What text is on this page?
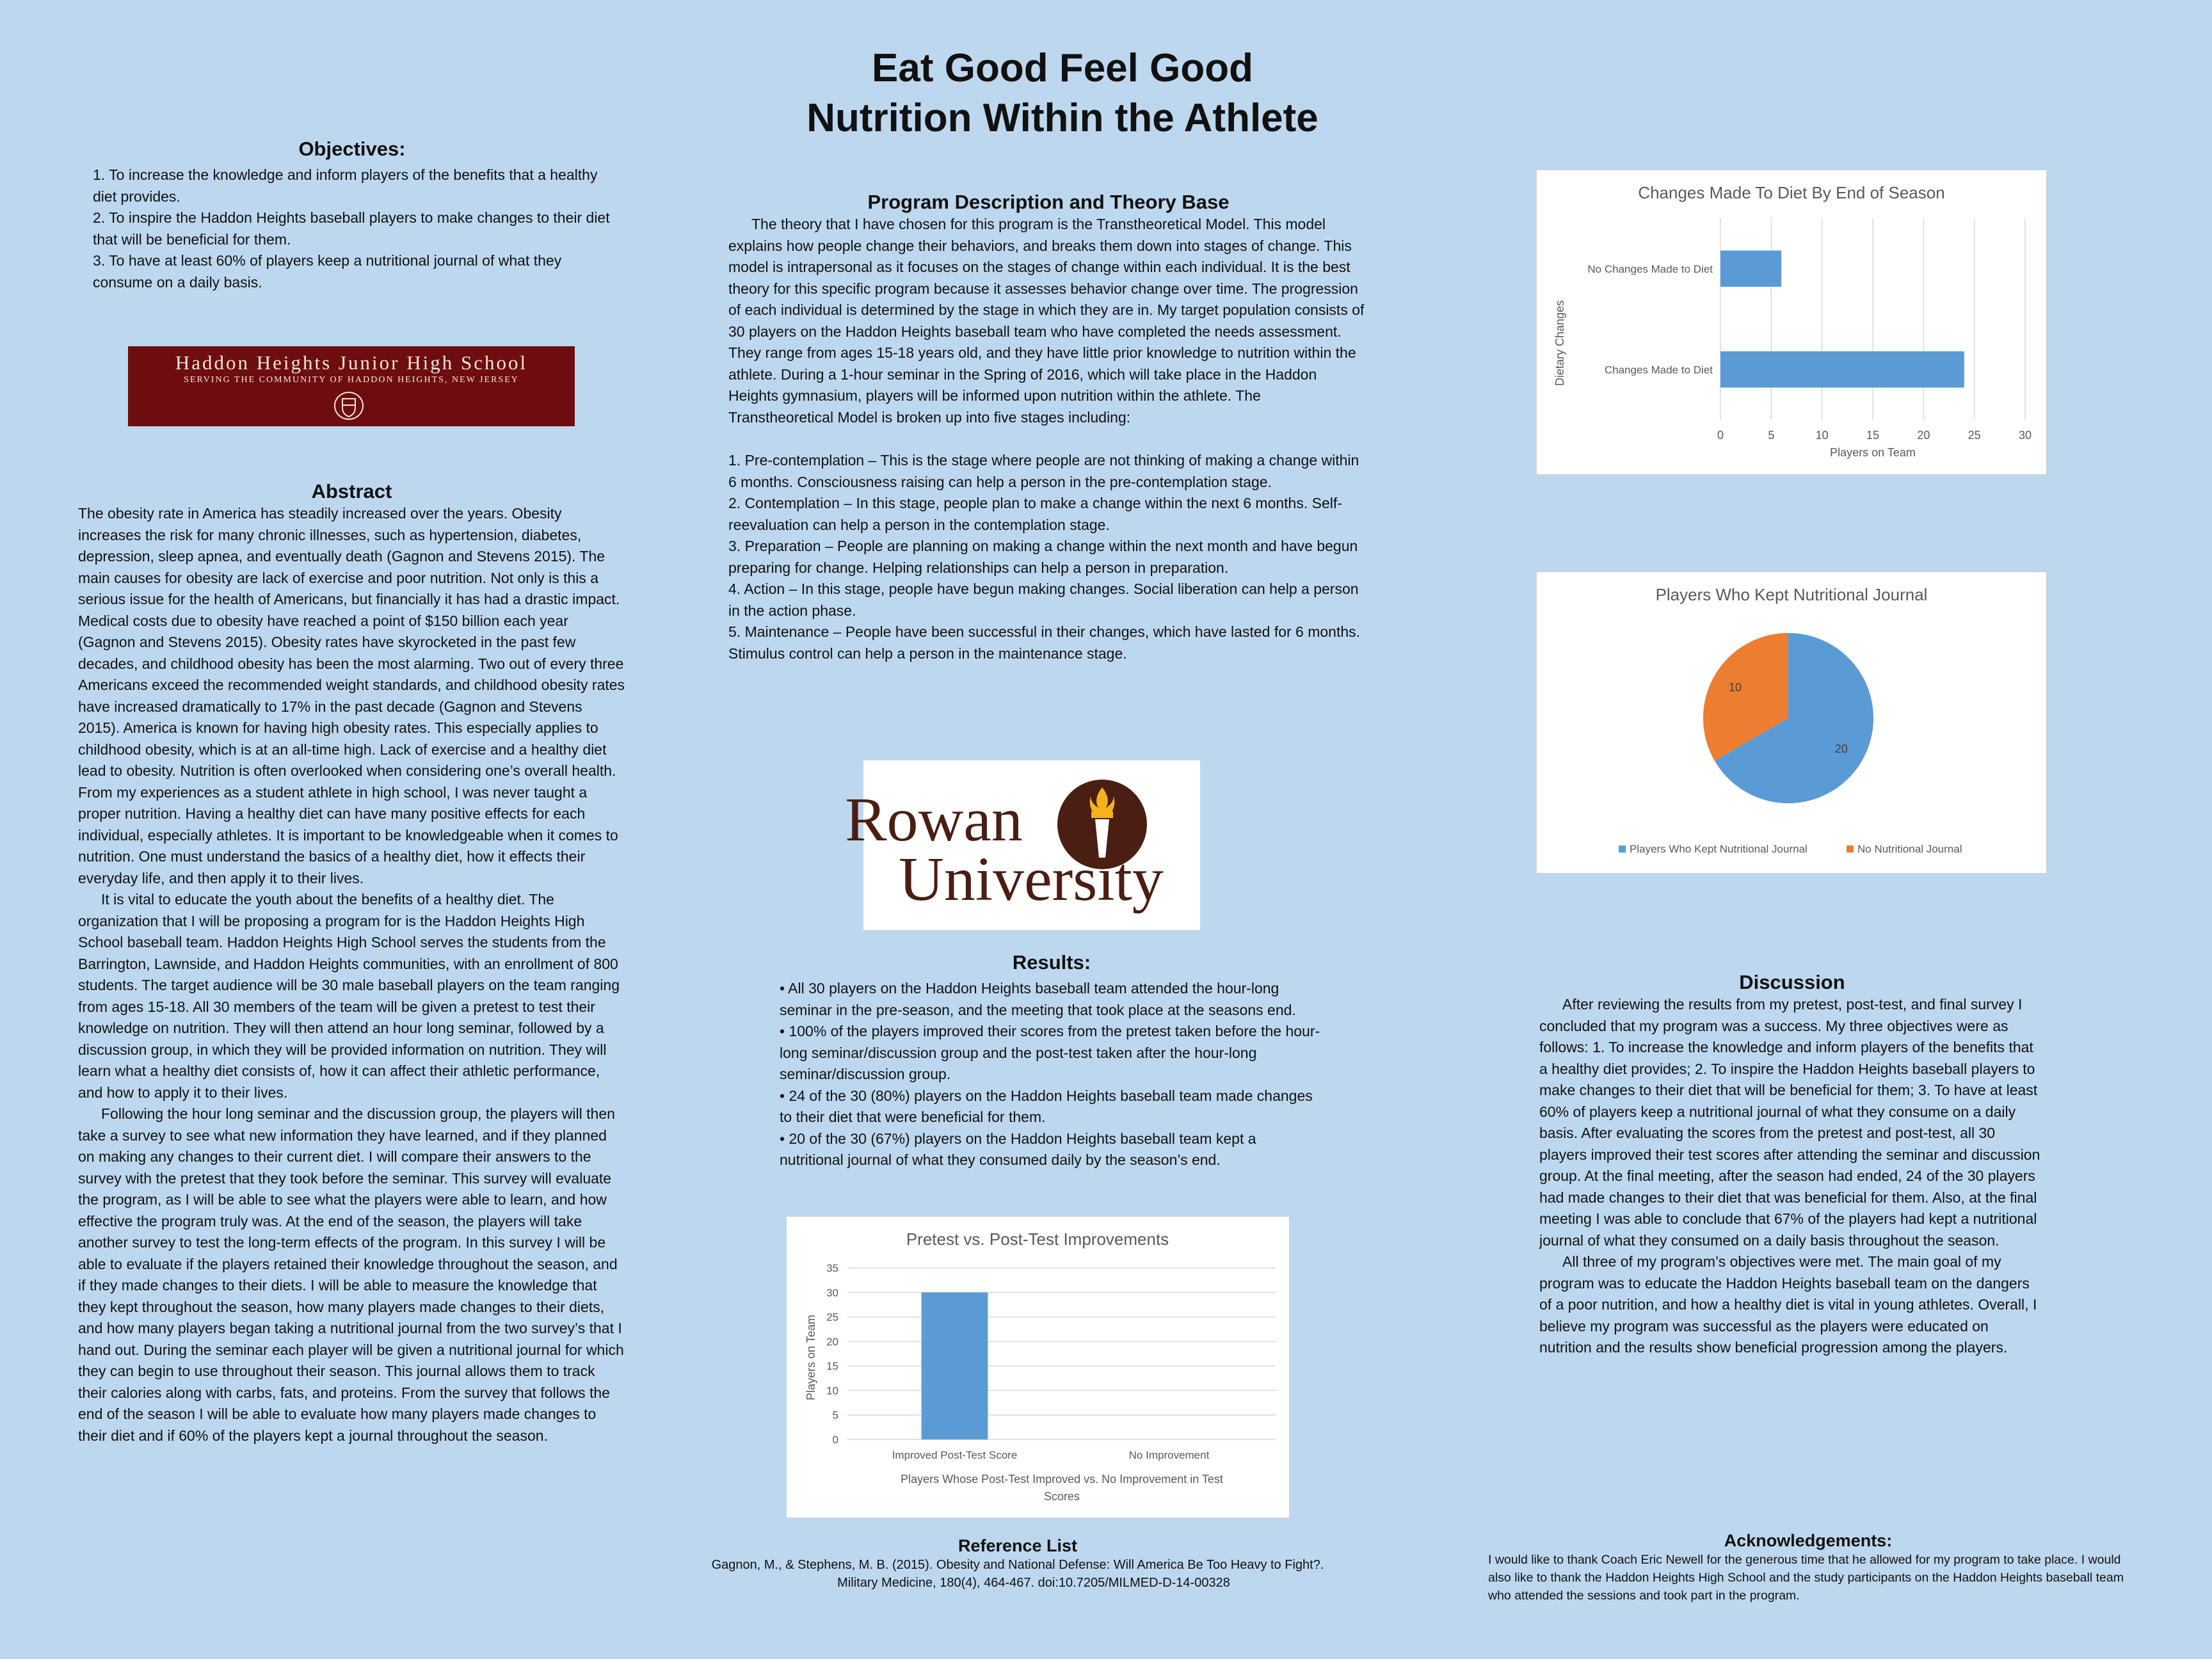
Eat Good Feel Good
Nutrition Within the Athlete
Objectives:
1. To increase the knowledge and inform players of the benefits that a healthy diet provides.
2. To inspire the Haddon Heights baseball players to make changes to their diet that will be beneficial for them.
3. To have at least 60% of players keep a nutritional journal of what they consume on a daily basis.
Haddon Heights Junior High School
SERVING THE COMMUNITY OF HADDON HEIGHTS, NEW JERSEY
Abstract

The obesity rate in America has steadily increased over the years. Obesity increases the risk for many chronic illnesses, such as hypertension, diabetes, depression, sleep apnea, and eventually death (Gagnon and Stevens 2015). The main causes for obesity are lack of exercise and poor nutrition. Not only is this a serious issue for the health of Americans, but financially it has had a drastic impact. Medical costs due to obesity have reached a point of $150 billion each year (Gagnon and Stevens 2015). Obesity rates have skyrocketed in the past few decades, and childhood obesity has been the most alarming. Two out of every three Americans exceed the recommended weight standards, and childhood obesity rates have increased dramatically to 17% in the past decade (Gagnon and Stevens 2015). America is known for having high obesity rates. This especially applies to childhood obesity, which is at an all-time high. Lack of exercise and a healthy diet lead to obesity. Nutrition is often overlooked when considering one’s overall health. From my experiences as a student athlete in high school, I was never taught a proper nutrition. Having a healthy diet can have many positive effects for each individual, especially athletes. It is important to be knowledgeable when it comes to nutrition. One must understand the basics of a healthy diet, how it effects their everyday life, and then apply it to their lives.

It is vital to educate the youth about the benefits of a healthy diet. The organization that I will be proposing a program for is the Haddon Heights High School baseball team. Haddon Heights High School serves the students from the Barrington, Lawnside, and Haddon Heights communities, with an enrollment of 800 students. The target audience will be 30 male baseball players on the team ranging from ages 15-18. All 30 members of the team will be given a pretest to test their knowledge on nutrition. They will then attend an hour long seminar, followed by a discussion group, in which they will be provided information on nutrition. They will learn what a healthy diet consists of, how it can affect their athletic performance, and how to apply it to their lives.

Following the hour long seminar and the discussion group, the players will then take a survey to see what new information they have learned, and if they planned on making any changes to their current diet. I will compare their answers to the survey with the pretest that they took before the seminar. This survey will evaluate the program, as I will be able to see what the players were able to learn, and how effective the program truly was. At the end of the season, the players will take another survey to test the long-term effects of the program. In this survey I will be able to evaluate if the players retained their knowledge throughout the season, and if they made changes to their diets. I will be able to measure the knowledge that they kept throughout the season, how many players made changes to their diets, and how many players began taking a nutritional journal from the two survey’s that I hand out. During the seminar each player will be given a nutritional journal for which they can begin to use throughout their season. This journal allows them to track their calories along with carbs, fats, and proteins. From the survey that follows the end of the season I will be able to evaluate how many players made changes to their diet and if 60% of the players kept a journal throughout the season.

Program Description and Theory Base

The theory that I have chosen for this program is the Transtheoretical Model. This model explains how people change their behaviors, and breaks them down into stages of change. This model is intrapersonal as it focuses on the stages of change within each individual. It is the best theory for this specific program because it assesses behavior change over time. The progression of each individual is determined by the stage in which they are in. My target population consists of 30 players on the Haddon Heights baseball team who have completed the needs assessment. They range from ages 15-18 years old, and they have little prior knowledge to nutrition within the athlete. During a 1-hour seminar in the Spring of 2016, which will take place in the Haddon Heights gymnasium, players will be informed upon nutrition within the athlete. The Transtheoretical Model is broken up into five stages including:

1. Pre-contemplation – This is the stage where people are not thinking of making a change within 6 months. Consciousness raising can help a person in the pre-contemplation stage.

2. Contemplation – In this stage, people plan to make a change within the next 6 months. Self-reevaluation can help a person in the contemplation stage.

3. Preparation – People are planning on making a change within the next month and have begun preparing for change. Helping relationships can help a person in preparation.

4. Action – In this stage, people have begun making changes. Social liberation can help a person in the action phase.

5. Maintenance – People have been successful in their changes, which have lasted for 6 months. Stimulus control can help a person in the maintenance stage.

Rowan
University
Results:
• All 30 players on the Haddon Heights baseball team attended the hour-long seminar in the pre-season, and the meeting that took place at the seasons end.
• 100% of the players improved their scores from the pretest taken before the hour-long seminar/discussion group and the post-test taken after the hour-long seminar/discussion group.
• 24 of the 30 (80%) players on the Haddon Heights baseball team made changes to their diet that were beneficial for them.
• 20 of the 30 (67%) players on the Haddon Heights baseball team kept a nutritional journal of what they consumed daily by the season’s end.
Changes Made To Diet By End of Season
Changes Made to Diet
No Changes Made to Diet
0	5	10	15	20	25	30
Players on Team
Dietary Changes
Players Who Kept Nutritional Journal
20
10
Players Who Kept Nutritional Journal	No Nutritional Journal
Pretest vs. Post-Test Improvements
Improved Post-Test Score	No Improvement
0
5
10
15
20
25
30
35
Players Whose Post-Test Improved vs. No Improvement in Test
Scores
Players on Team
Discussion

After reviewing the results from my pretest, post-test, and final survey I concluded that my program was a success. My three objectives were as follows: 1. To increase the knowledge and inform players of the benefits that a healthy diet provides; 2. To inspire the Haddon Heights baseball players to make changes to their diet that will be beneficial for them; 3. To have at least 60% of players keep a nutritional journal of what they consume on a daily basis. After evaluating the scores from the pretest and post-test, all 30 players improved their test scores after attending the seminar and discussion group. At the final meeting, after the season had ended, 24 of the 30 players had made changes to their diet that was beneficial for them. Also, at the final meeting I was able to conclude that 67% of the players had kept a nutritional journal of what they consumed on a daily basis throughout the season.

All three of my program’s objectives were met. The main goal of my program was to educate the Haddon Heights baseball team on the dangers of a poor nutrition, and how a healthy diet is vital in young athletes. Overall, I believe my program was successful as the players were educated on nutrition and the results show beneficial progression among the players.

Reference List
Gagnon, M., & Stephens, M. B. (2015). Obesity and National Defense: Will America Be Too Heavy to Fight?. Military Medicine, 180(4), 464-467. doi:10.7205/MILMED-D-14-00328
Acknowledgements:
I would like to thank Coach Eric Newell for the generous time that he allowed for my program to take place. I would also like to thank the Haddon Heights High School and the study participants on the Haddon Heights baseball team who attended the sessions and took part in the program.
